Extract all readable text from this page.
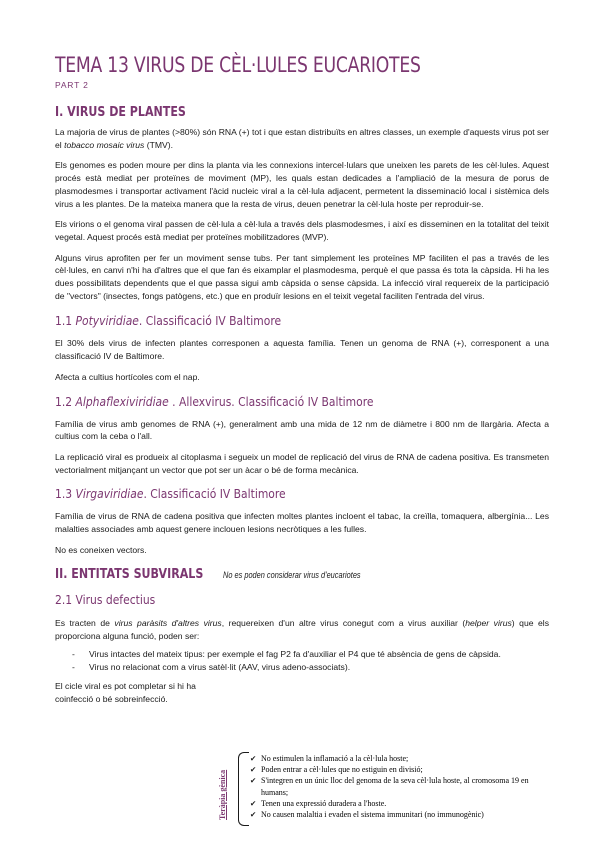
TEMA 13 VIRUS DE CÈL·LULES EUCARIOTES
PART 2
I. VIRUS DE PLANTES

La majoria de virus de plantes (>80%) són RNA (+) tot i que estan distribuïts en altres classes, un exemple d'aquests virus pot ser el tobacco mosaic virus (TMV).

Els genomes es poden moure per dins la planta via les connexions intercel·lulars que uneixen les parets de les cèl·lules. Aquest procés està mediat per proteïnes de moviment (MP), les quals estan dedicades a l'ampliació de la mesura de porus de plasmodesmes i transportar activament l'àcid nucleic viral a la cèl·lula adjacent, permetent la disseminació local i sistèmica dels virus a les plantes. De la mateixa manera que la resta de virus, deuen penetrar la cèl·lula hoste per reproduir-se.

Els virions o el genoma viral passen de cèl·lula a cèl·lula a través dels plasmodesmes, i així es disseminen en la totalitat del teixit vegetal. Aquest procés està mediat per proteïnes mobilitzadores (MVP).

Alguns virus aprofiten per fer un moviment sense tubs. Per tant simplement les proteïnes MP faciliten el pas a través de les cèl·lules, en canvi n'hi ha d'altres que el que fan és eixamplar el plasmodesma, perquè el que passa és tota la càpsida. Hi ha les dues possibilitats dependents que el que passa sigui amb càpsida o sense càpsida. La infecció viral requereix de la participació de "vectors" (insectes, fongs patògens, etc.) que en produïr lesions en el teixit vegetal faciliten l'entrada del virus.

1.1 Potyviridiae. Classificació IV Baltimore

El 30% dels virus de infecten plantes corresponen a aquesta família. Tenen un genoma de RNA (+), corresponent a una classificació IV de Baltimore.

Afecta a cultius hortícoles com el nap.

1.2 Alphaflexiviridiae . Allexvirus. Classificació IV Baltimore

Família de virus amb genomes de RNA (+), generalment amb una mida de 12 nm de diàmetre i 800 nm de llargària. Afecta a cultius com la ceba o l'all.

La replicació viral es produeix al citoplasma i segueix un model de replicació del virus de RNA de cadena positiva. Es transmeten vectorialment mitjançant un vector que pot ser un àcar o bé de forma mecànica.

1.3 Virgaviridiae. Classificació IV Baltimore

Família de virus de RNA de cadena positiva que infecten moltes plantes incloent el tabac, la creïlla, tomaquera, albergínia... Les malalties associades amb aquest genere inclouen lesions necròtiques a les fulles.

No es coneixen vectors.

II. ENTITATS SUBVIRALS No es poden considerar virus d'eucariotes
2.1 Virus defectius

Es tracten de virus paràsits d'altres virus, requereixen d'un altre virus conegut com a virus auxiliar (helper virus) que els proporciona alguna funció, poden ser:

- Virus intactes del mateix tipus: per exemple el fag P2 fa d'auxiliar el P4 que té absència de gens de càpsida.
- Virus no relacionat com a virus satèl·lit (AAV, virus adeno-associats).

El cicle viral es pot completar si hi ha coinfecció o bé sobreinfecció.

Teràpia gènica
✔ No estimulen la inflamació a la cèl·lula hoste;
✔ Poden entrar a cèl·lules que no estiguin en divisió;
✔ S'integren en un únic lloc del genoma de la seva cèl·lula hoste, al cromosoma 19 en humans;
✔ Tenen una expressió duradera a l'hoste.
✔ No causen malaltia i evaden el sistema immunitari (no immunogènic)
